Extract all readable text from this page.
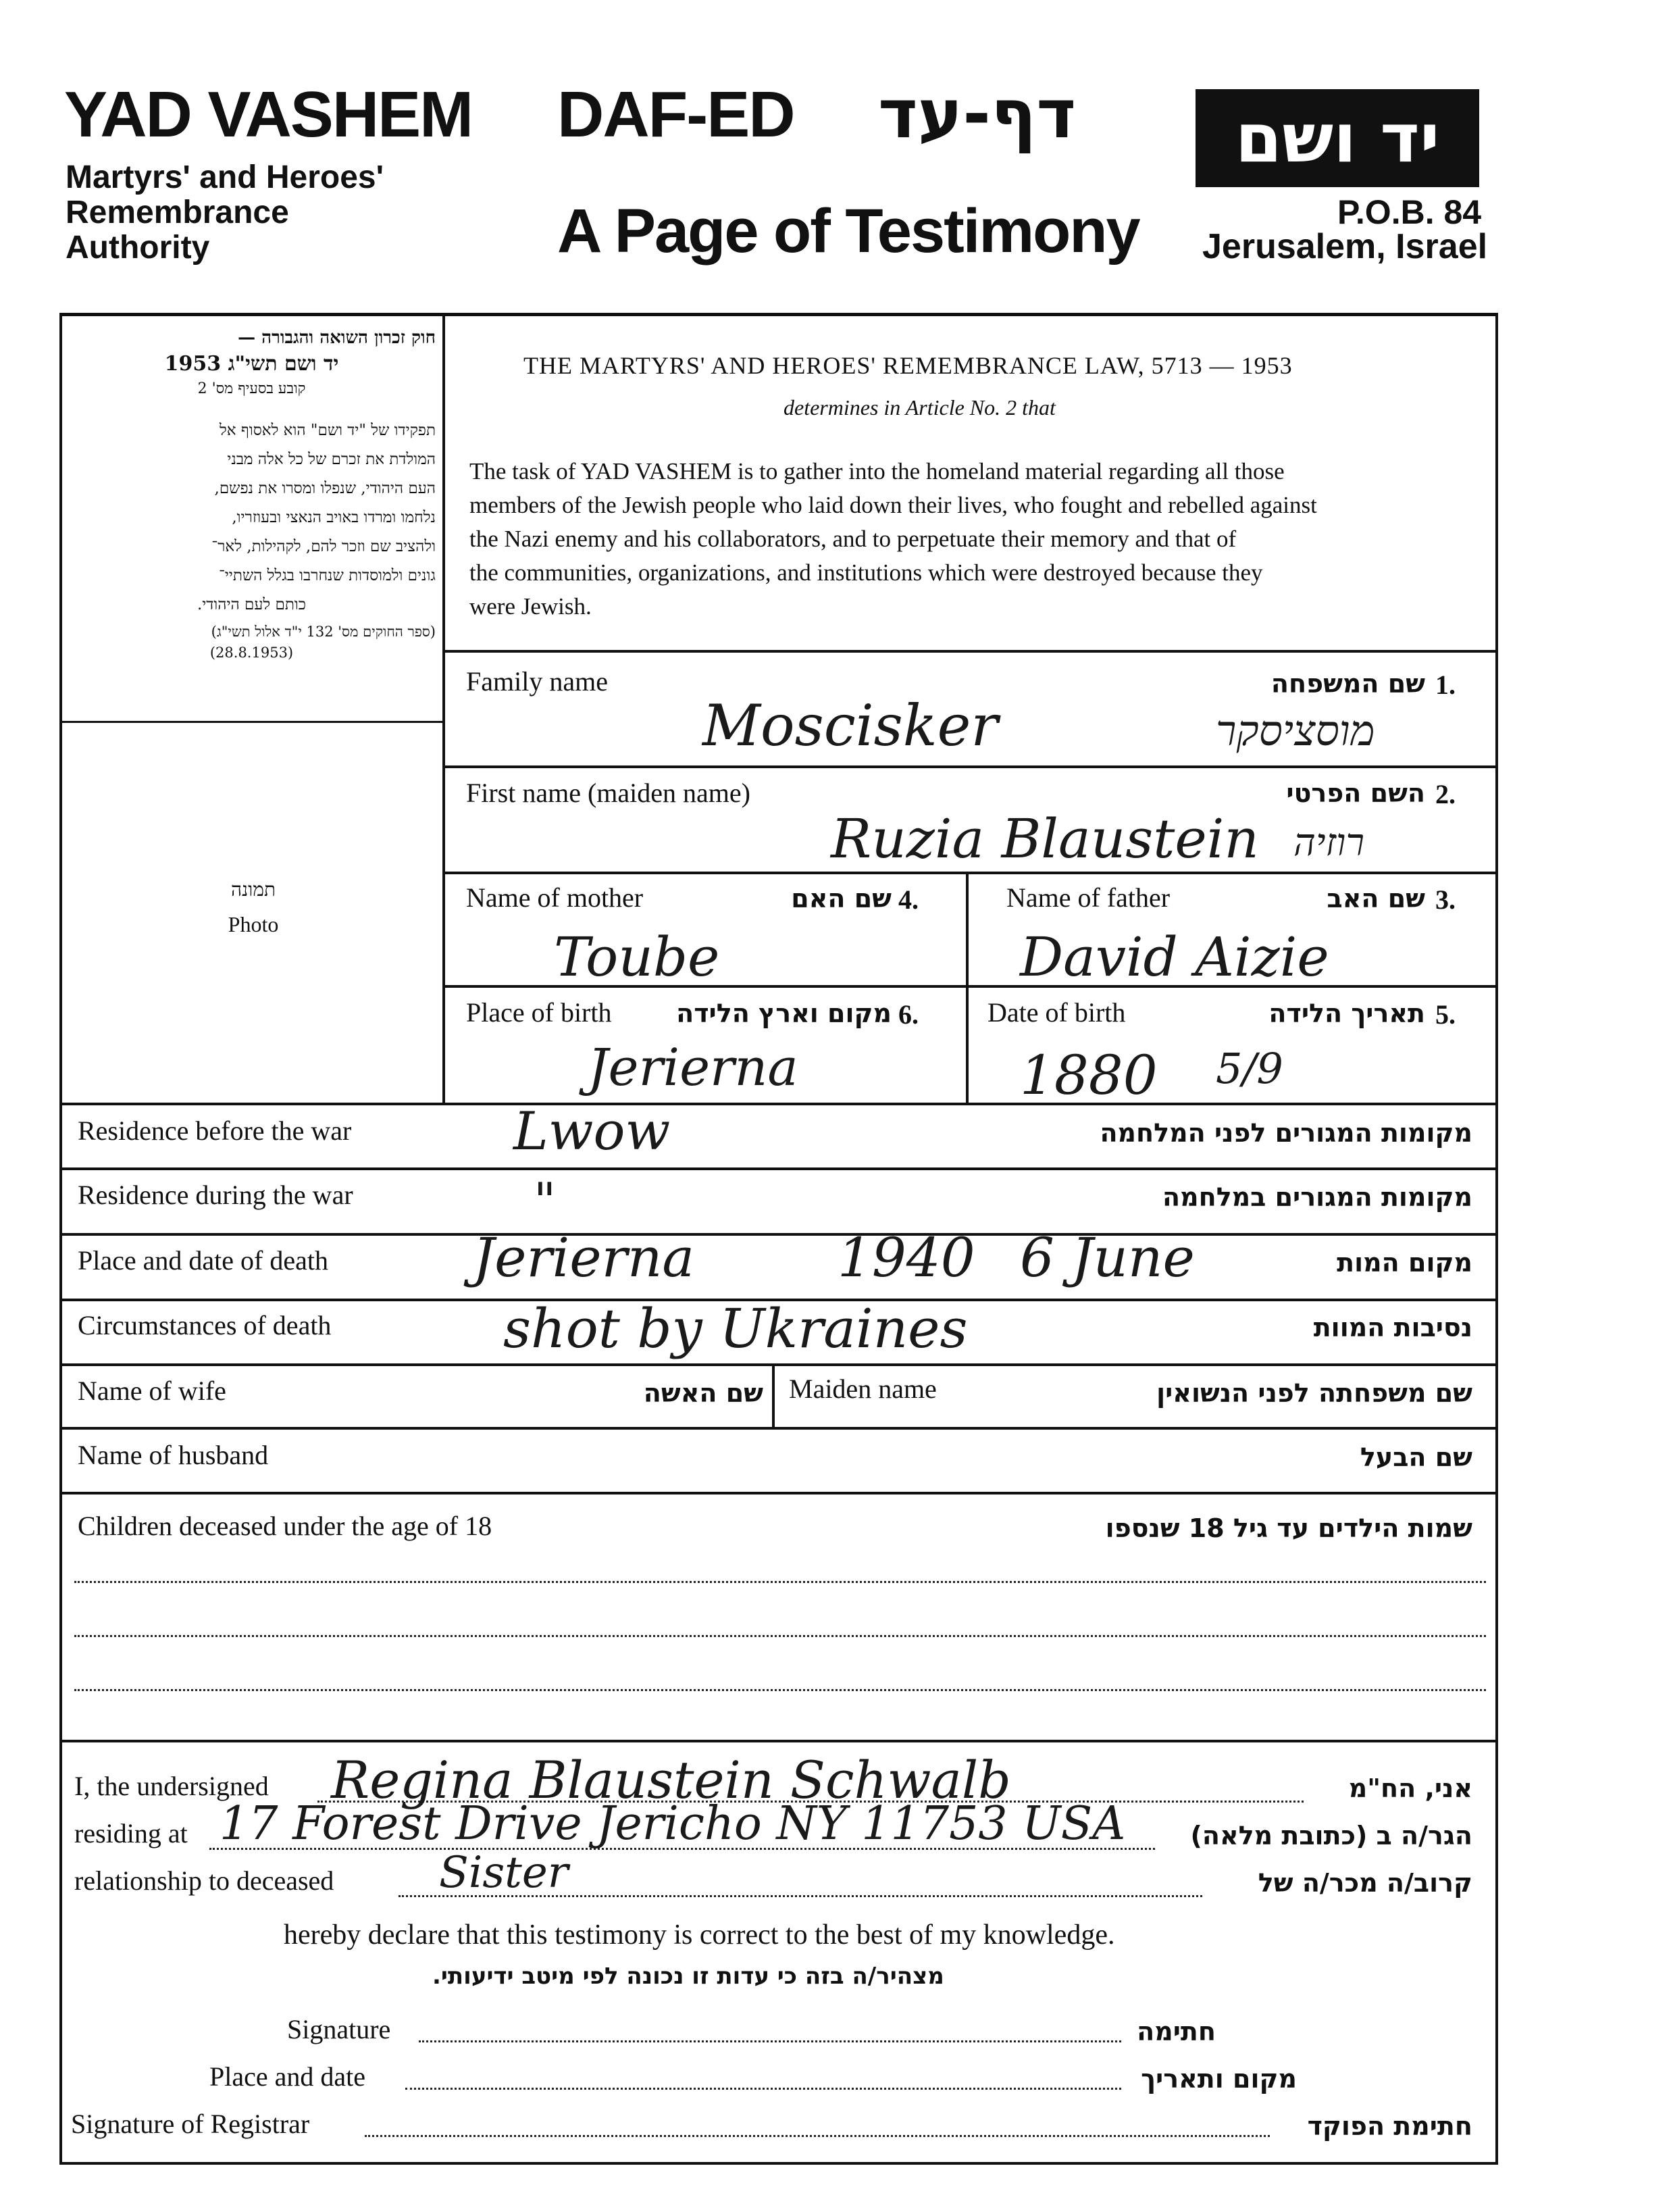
YAD VASHEM
Martyrs' and Heroes'
Remembrance
Authority
DAF-ED דף-עד
A Page of Testimony
יד ושם
P.O.B. 84
Jerusalem, Israel
חוק זכרון השואה והגבורה —
יד ושם תשי"ג 1953
קובע בסעיף מס' 2
תפקידו של "יד ושם" הוא לאסוף אל
המולדת את זכרם של כל אלה מבני
העם היהודי, שנפלו ומסרו את נפשם,
נלחמו ומרדו באויב הנאצי ובעוזריו,
ולהציב שם וזכר להם, לקהילות, לאר־
גונים ולמוסדות שנחרבו בגלל השתיי־
כותם לעם היהודי.
(ספר החוקים מס' 132 י"ד אלול תשי"ג)
(28.8.1953)
THE MARTYRS' AND HEROES' REMEMBRANCE LAW, 5713 — 1953
determines in Article No. 2 that
The task of YAD VASHEM is to gather into the homeland material regarding all those
members of the Jewish people who laid down their lives, who fought and rebelled against
the Nazi enemy and his collaborators, and to perpetuate their memory and that of
the communities, organizations, and institutions which were destroyed because they
were Jewish.
תמונה
Photo
Family name	שם המשפחה 1.
Moscisker	מוסציסקר
First name (maiden name)	השם הפרטי 2.
Ruzia Blaustein רוזיה
Name of mother	שם האם 4.
Toube
Name of father	שם האב 3.
David Aizie
Place of birth	מקום וארץ הלידה 6.
Jerierna
Date of birth	תאריך הלידה 5.
1880 5/9
Residence before the war	מקומות המגורים לפני המלחמה
Lwow
Residence during the war	מקומות המגורים במלחמה
"
Place and date of death	מקום המות
Jerierna	1940 6 June
Circumstances of death	נסיבות המוות
shot by Ukraines
Name of wife	שם האשה Maiden name	שם משפחתה לפני הנשואין
Name of husband	שם הבעל
Children deceased under the age of 18	שמות הילדים עד גיל 18 שנספו
I, the undersigned Regina Blaustein Schwalb	אני, הח"מ
residing at 17 Forest Drive Jericho NY 11753 USA	הגר/ה ב (כתובת מלאה)
relationship to deceased Sister	קרוב/ה מכר/ה של
hereby declare that this testimony is correct to the best of my knowledge.
מצהיר/ה בזה כי עדות זו נכונה לפי מיטב ידיעותי.
Signature	חתימה
Place and date	מקום ותאריך
Signature of Registrar	חתימת הפוקד
